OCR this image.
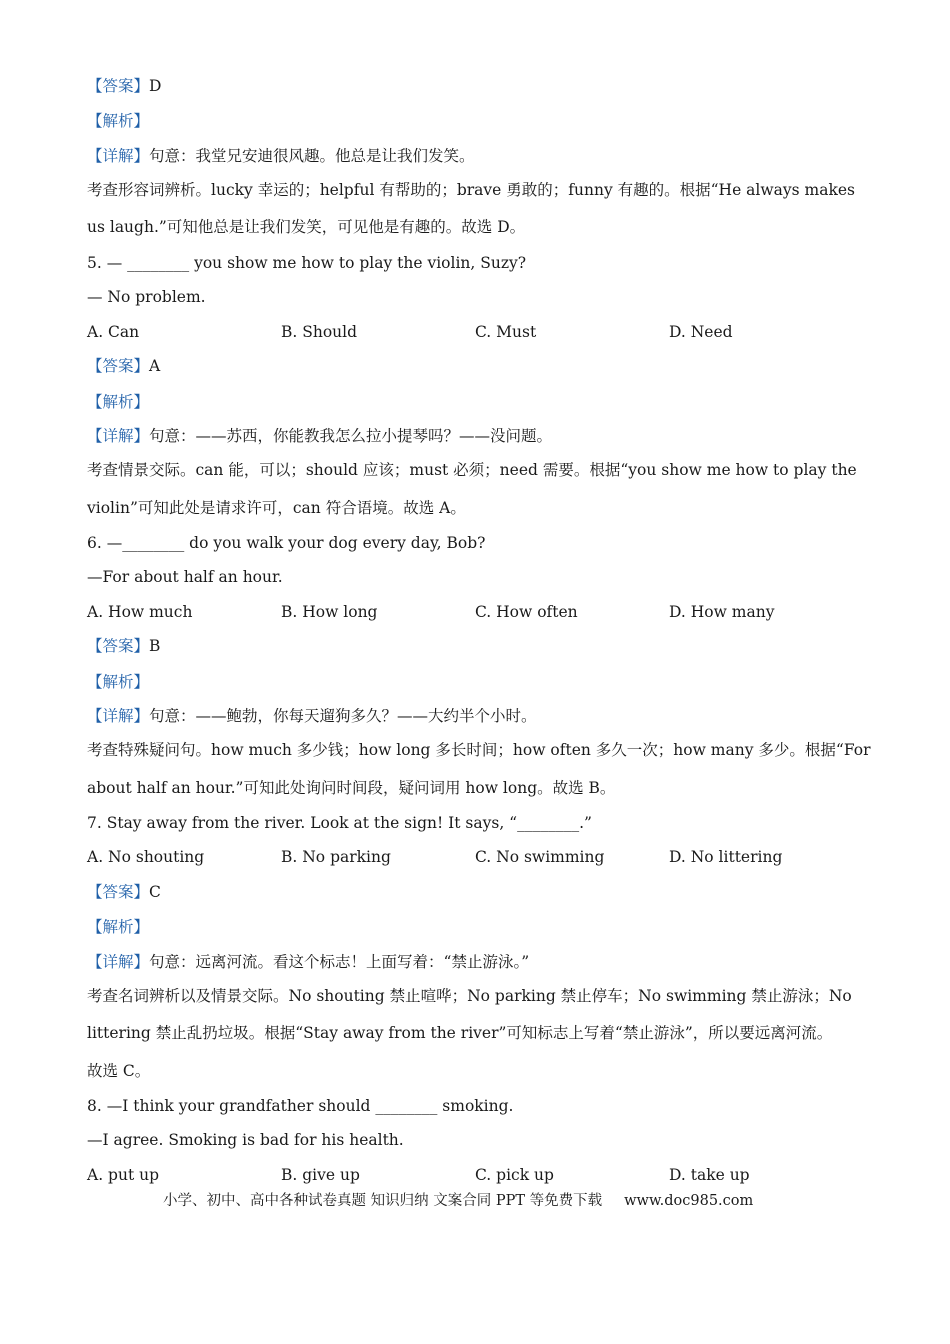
【答案】D
【解析】
【详解】句意：我堂兄安迪很风趣。他总是让我们发笑。
考查形容词辨析。lucky 幸运的；helpful 有帮助的；brave 勇敢的；funny 有趣的。根据“He always makes
us laugh.”可知他总是让我们发笑，可见他是有趣的。故选 D。
5. — ________ you show me how to play the violin, Suzy?
— No problem.
A. Can	B. Should	C. Must	D. Need
【答案】A
【解析】
【详解】句意：——苏西，你能教我怎么拉小提琴吗？——没问题。
考查情景交际。can 能，可以；should 应该；must 必须；need 需要。根据“you show me how to play the
violin”可知此处是请求许可，can 符合语境。故选 A。
6. —________ do you walk your dog every day, Bob?
—For about half an hour.
A. How much	B. How long	C. How often	D. How many
【答案】B
【解析】
【详解】句意：——鲍勃，你每天遛狗多久？——大约半个小时。
考查特殊疑问句。how much 多少钱；how long 多长时间；how often 多久一次；how many 多少。根据“For
about half an hour.”可知此处询问时间段，疑问词用 how long。故选 B。
7. Stay away from the river. Look at the sign! It says, “________.”
A. No shouting	B. No parking	C. No swimming	D. No littering
【答案】C
【解析】
【详解】句意：远离河流。看这个标志！上面写着：“禁止游泳。”
考查名词辨析以及情景交际。No shouting 禁止喧哗；No parking 禁止停车；No swimming 禁止游泳；No
littering 禁止乱扔垃圾。根据“Stay away from the river”可知标志上写着“禁止游泳”，所以要远离河流。
故选 C。
8. —I think your grandfather should ________ smoking.
—I agree. Smoking is bad for his health.
A. put up	B. give up	C. pick up	D. take up
小学、初中、高中各种试卷真题 知识归纳 文案合同 PPT 等免费下载 www.doc985.com
